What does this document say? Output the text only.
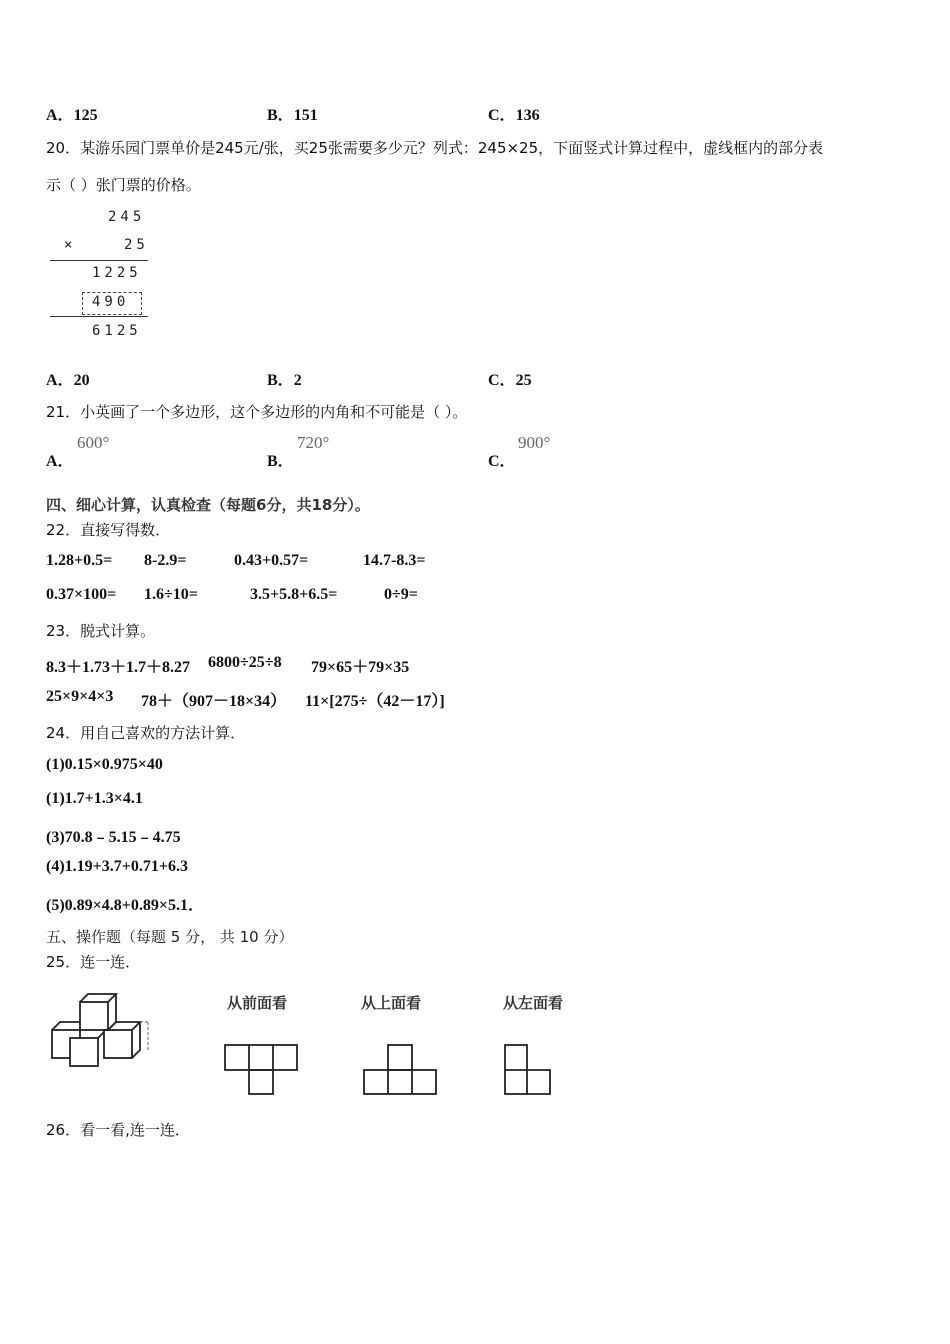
A．125	B．151	C．136
20．某游乐园门票单价是245元/张，买25张需要多少元？列式：245×25，下面竖式计算过程中，虚线框内的部分表
示（ ）张门票的价格。
245
×	25
1225
490
6125
A．20	B．2	C．25
21．小英画了一个多边形，这个多边形的内角和不可能是（ ）。
A．
600°
B．
720°
C．
900°
四、细心计算，认真检查（每题6分，共18分）。
22．直接写得数．
1.28+0.5= 8-2.9=	0.43+0.57=	14.7-8.3=
0.37×100= 1.6÷10=	3.5+5.8+6.5=	0÷9=
23．脱式计算。
8.3＋1.73＋1.7＋8.27 6800÷25÷8 79×65＋79×35
25×9×4×3 78＋（907－18×34） 11×[275÷（42－17）]
24．用自己喜欢的方法计算．
(1)0.15×0.975×40
(1)1.7+1.3×4.1
(3)70.8﹣5.15﹣4.75
(4)1.19+3.7+0.71+6.3
(5)0.89×4.8+0.89×5.1．
五、操作题（每题 5 分， 共 10 分）
25．连一连．
从前面看	从上面看	从左面看
26．看一看,连一连．
